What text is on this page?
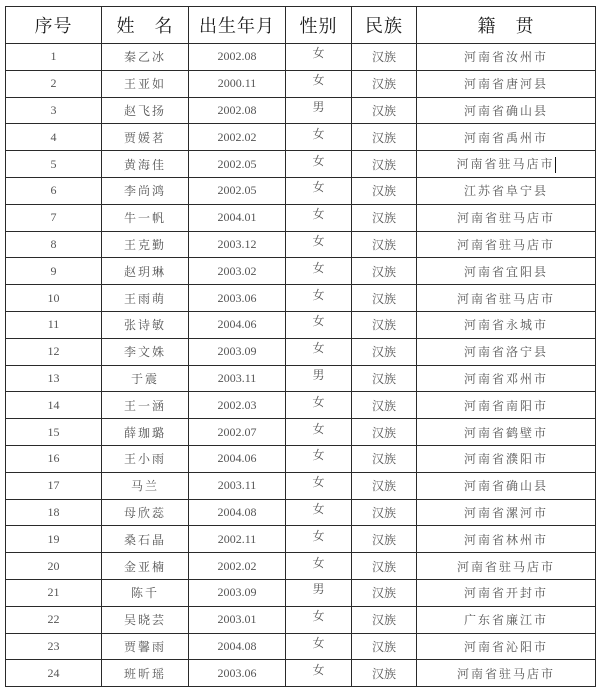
序号	姓　名	出生年月	性别	民族	籍　贯
1	秦乙冰	2002.08	女	汉族	河南省汝州市
2	王亚如	2000.11	女	汉族	河南省唐河县
3	赵飞扬	2002.08	男	汉族	河南省确山县
4	贾媛茗	2002.02	女	汉族	河南省禹州市
5	黄海佳	2002.05	女	汉族	河南省驻马店市
6	李尚鸿	2002.05	女	汉族	江苏省阜宁县
7	牛一帆	2004.01	女	汉族	河南省驻马店市
8	王克勤	2003.12	女	汉族	河南省驻马店市
9	赵玥琳	2003.02	女	汉族	河南省宜阳县
10	王雨萌	2003.06	女	汉族	河南省驻马店市
11	张诗敏	2004.06	女	汉族	河南省永城市
12	李文姝	2003.09	女	汉族	河南省洛宁县
13	于震	2003.11	男	汉族	河南省邓州市
14	王一涵	2002.03	女	汉族	河南省南阳市
15	薛珈璐	2002.07	女	汉族	河南省鹤壁市
16	王小雨	2004.06	女	汉族	河南省濮阳市
17	马兰	2003.11	女	汉族	河南省确山县
18	母欣蕊	2004.08	女	汉族	河南省漯河市
19	桑石晶	2002.11	女	汉族	河南省林州市
20	金亚楠	2002.02	女	汉族	河南省驻马店市
21	陈千	2003.09	男	汉族	河南省开封市
22	吴晓芸	2003.01	女	汉族	广东省廉江市
23	贾馨雨	2004.08	女	汉族	河南省沁阳市
24	班昕瑶	2003.06	女	汉族	河南省驻马店市
